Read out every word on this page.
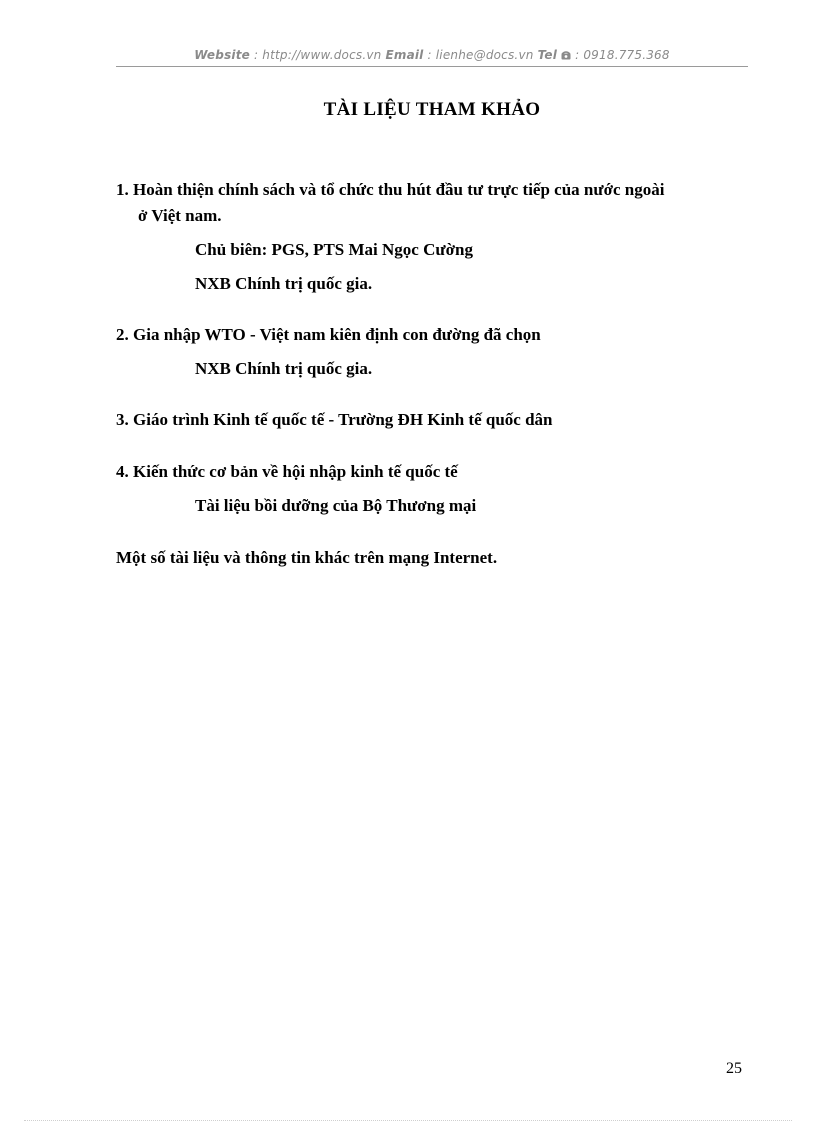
Website : http://www.docs.vn Email : lienhe@docs.vn Tel  : 0918.775.368
TÀI LIỆU THAM KHẢO
1. Hoàn thiện chính sách và tổ chức thu hút đầu tư trực tiếp của nước ngoài
ở Việt nam.
Chủ biên: PGS, PTS Mai Ngọc Cường
NXB Chính trị quốc gia.
2. Gia nhập WTO - Việt nam kiên định con đường đã chọn
NXB Chính trị quốc gia.
3. Giáo trình Kinh tế quốc tế - Trường ĐH Kinh tế quốc dân
4. Kiến thức cơ bản về hội nhập kinh tế quốc tế
Tài liệu bồi dưỡng của Bộ Thương mại
Một số tài liệu và thông tin khác trên mạng Internet.
25
